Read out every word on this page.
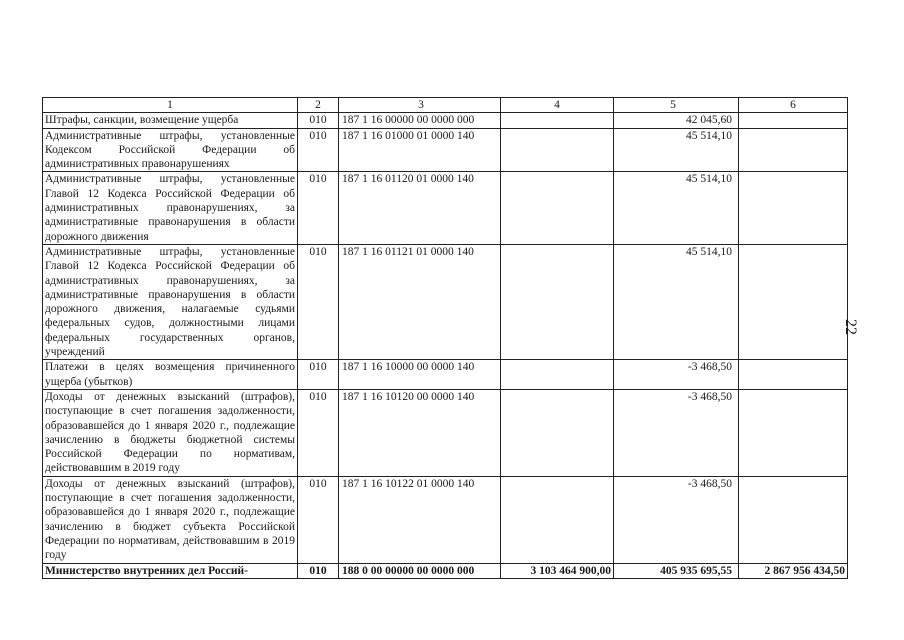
1	2	3	4	5	6
Штрафы, санкции, возмещение ущерба	010	187 1 16 00000 00 0000 000		42 045,60	
Административные штрафы, установленные Кодексом Российской Федерации об административных правонарушениях	010	187 1 16 01000 01 0000 140		45 514,10	
Административные штрафы, установленные Главой 12 Кодекса Российской Федерации об административных правонарушениях, за административные правонарушения в области дорожного движения	010	187 1 16 01120 01 0000 140		45 514,10	
Административные штрафы, установленные Главой 12 Кодекса Российской Федерации об административных правонарушениях, за административные правонарушения в области дорожного движения, налагаемые судьями федеральных судов, должностными лицами федеральных государственных органов, учреждений	010	187 1 16 01121 01 0000 140		45 514,10	
Платежи в целях возмещения причиненного ущерба (убытков)	010	187 1 16 10000 00 0000 140		-3 468,50	
Доходы от денежных взысканий (штрафов), поступающие в счет погашения задолженности, образовавшейся до 1 января 2020 г., подлежащие зачислению в бюджеты бюджетной системы Российской Федерации по нормативам, действовавшим в 2019 году	010	187 1 16 10120 00 0000 140		-3 468,50	
Доходы от денежных взысканий (штрафов), поступающие в счет погашения задолженности, образовавшейся до 1 января 2020 г., подлежащие зачислению в бюджет субъекта Российской Федерации по нормативам, действовавшим в 2019 году	010	187 1 16 10122 01 0000 140		-3 468,50	
Министерство внутренних дел Россий-	010	188 0 00 00000 00 0000 000	3 103 464 900,00	405 935 695,55	2 867 956 434,50
22
